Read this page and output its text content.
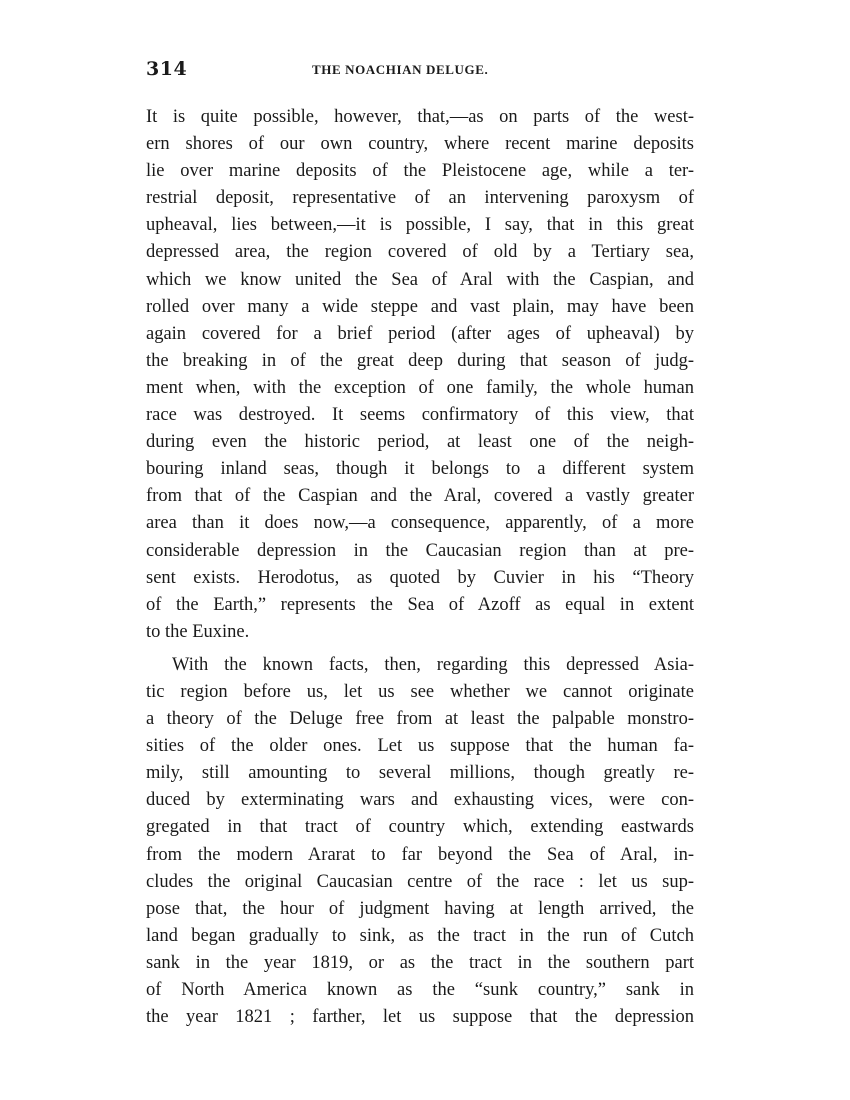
314	THE NOACHIAN DELUGE.
It is quite possible, however, that,—as on parts of the west-
ern shores of our own country, where recent marine deposits
lie over marine deposits of the Pleistocene age, while a ter-
restrial deposit, representative of an intervening paroxysm of
upheaval, lies between,—it is possible, I say, that in this great
depressed area, the region covered of old by a Tertiary sea,
which we know united the Sea of Aral with the Caspian, and
rolled over many a wide steppe and vast plain, may have been
again covered for a brief period (after ages of upheaval) by
the breaking in of the great deep during that season of judg-
ment when, with the exception of one family, the whole human
race was destroyed. It seems confirmatory of this view, that
during even the historic period, at least one of the neigh-
bouring inland seas, though it belongs to a different system
from that of the Caspian and the Aral, covered a vastly greater
area than it does now,—a consequence, apparently, of a more
considerable depression in the Caucasian region than at pre-
sent exists. Herodotus, as quoted by Cuvier in his “Theory
of the Earth,” represents the Sea of Azoff as equal in extent
to the Euxine.
With the known facts, then, regarding this depressed Asia-
tic region before us, let us see whether we cannot originate
a theory of the Deluge free from at least the palpable monstro-
sities of the older ones. Let us suppose that the human fa-
mily, still amounting to several millions, though greatly re-
duced by exterminating wars and exhausting vices, were con-
gregated in that tract of country which, extending eastwards
from the modern Ararat to far beyond the Sea of Aral, in-
cludes the original Caucasian centre of the race : let us sup-
pose that, the hour of judgment having at length arrived, the
land began gradually to sink, as the tract in the run of Cutch
sank in the year 1819, or as the tract in the southern part
of North America known as the “sunk country,” sank in
the year 1821 ; farther, let us suppose that the depression
